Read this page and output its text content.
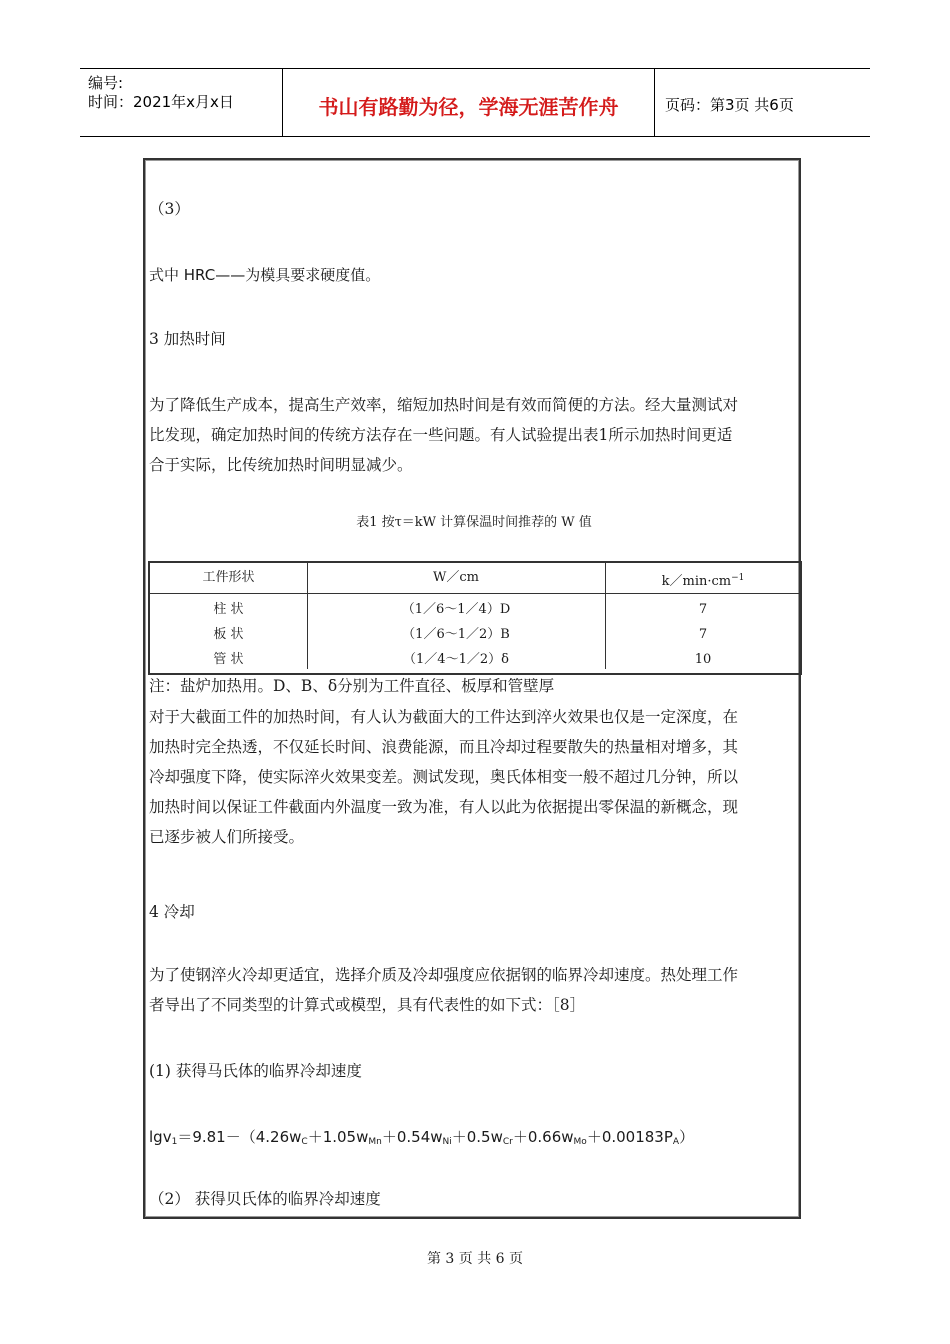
编号:
时间：2021年x月x日	书山有路勤为径，学海无涯苦作舟	页码：第3页 共6页
（3）
式中 HRC——为模具要求硬度值。
3 加热时间
为了降低生产成本，提高生产效率，缩短加热时间是有效而简便的方法。经大量测试对
比发现，确定加热时间的传统方法存在一些问题。有人试验提出表1所示加热时间更适
合于实际，比传统加热时间明显减少。
表1 按τ＝kW 计算保温时间推荐的 W 值
工件形状	W／cm	$k/\min\cdot cm^{-1}$
柱 状	（1／6～1／4）D	7
板 状	（1／6～1／2）B	7
管 状	（1／4～1／2）δ	10
注：盐炉加热用。D、B、δ分别为工件直径、板厚和管壁厚
对于大截面工件的加热时间，有人认为截面大的工件达到淬火效果也仅是一定深度，在
加热时完全热透，不仅延长时间、浪费能源，而且冷却过程要散失的热量相对增多，其
冷却强度下降，使实际淬火效果变差。测试发现，奥氏体相变一般不超过几分钟，所以
加热时间以保证工件截面内外温度一致为准，有人以此为依据提出零保温的新概念，现
已逐步被人们所接受。
4 冷却
为了使钢淬火冷却更适宜，选择介质及冷却强度应依据钢的临界冷却速度。热处理工作
者导出了不同类型的计算式或模型，具有代表性的如下式：［8］
(1) 获得马氏体的临界冷却速度
$\lg v_1=9.81-(4.26w_C+1.05w_{Mn}+0.54w_{Ni}+0.5w_{Cr}+0.66w_{Mo}+0.00183P_A)$
（2） 获得贝氏体的临界冷却速度
第 3 页 共 6 页
